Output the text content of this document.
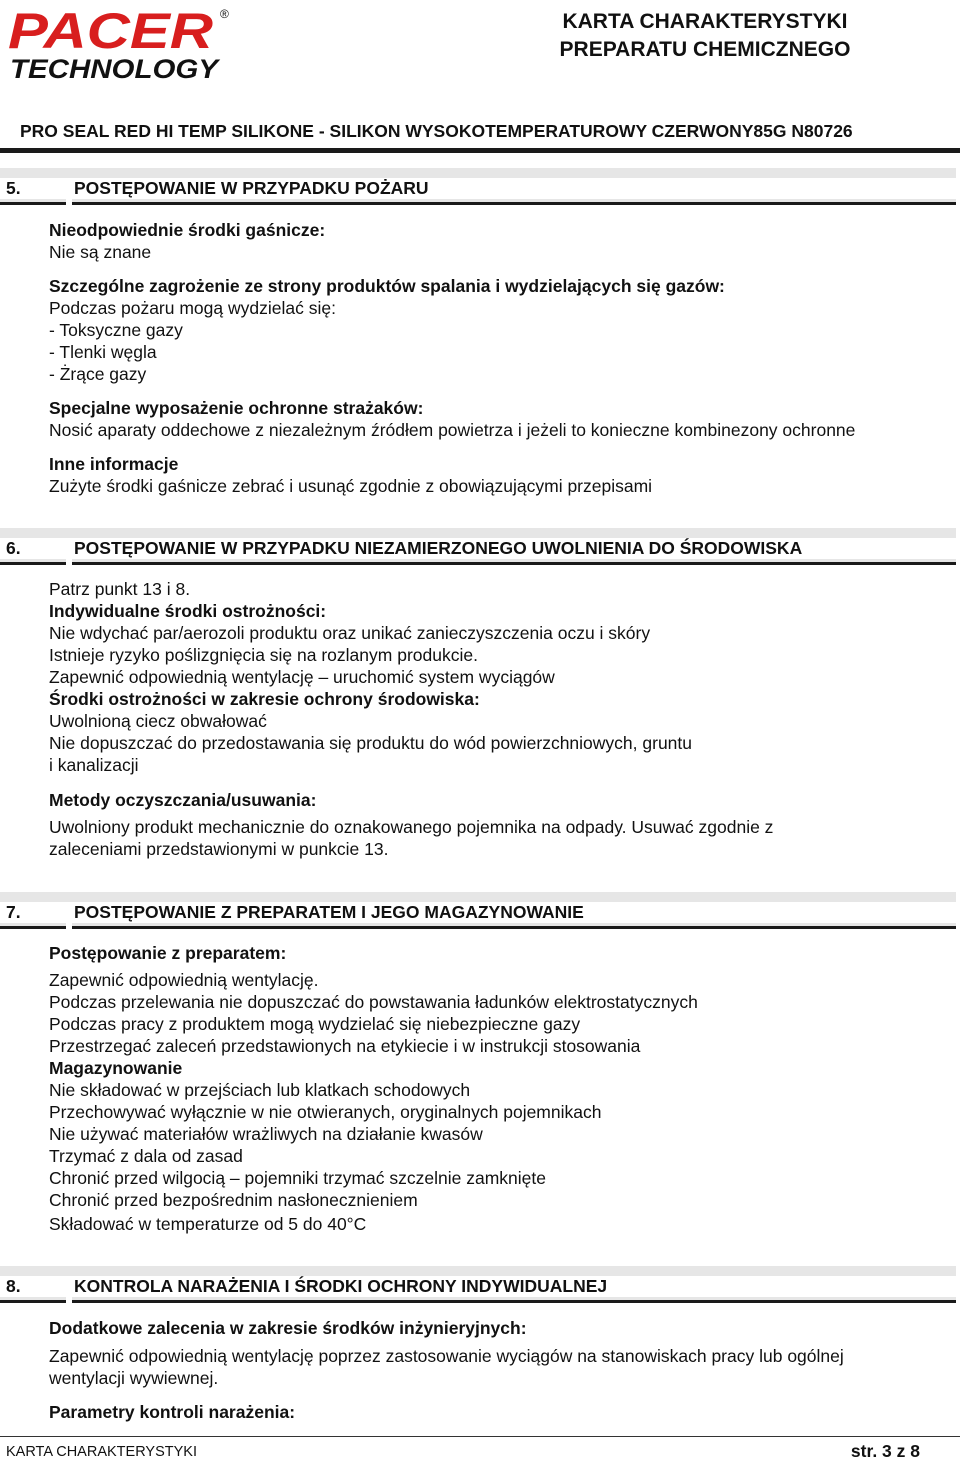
PACER ®
TECHNOLOGY
KARTA CHARAKTERYSTYKI
PREPARATU CHEMICZNEGO
PRO SEAL RED HI TEMP SILIKONE - SILIKON WYSOKOTEMPERATUROWY CZERWONY85G N80726
5.	POSTĘPOWANIE W PRZYPADKU POŻARU
Nieodpowiednie środki gaśnicze:
Nie są znane
Szczególne zagrożenie ze strony produktów spalania i wydzielających się gazów:
Podczas pożaru mogą wydzielać się:
- Toksyczne gazy
- Tlenki węgla
- Żrące gazy
Specjalne wyposażenie ochronne strażaków:
Nosić aparaty oddechowe z niezależnym źródłem powietrza i jeżeli to konieczne kombinezony ochronne
Inne informacje
Zużyte środki gaśnicze zebrać i usunąć zgodnie z obowiązującymi przepisami
6.	POSTĘPOWANIE W PRZYPADKU NIEZAMIERZONEGO UWOLNIENIA DO ŚRODOWISKA
Patrz punkt 13 i 8.
Indywidualne środki ostrożności:
Nie wdychać par/aerozoli produktu oraz unikać zanieczyszczenia oczu i skóry
Istnieje ryzyko poślizgnięcia się na rozlanym produkcie.
Zapewnić odpowiednią wentylację – uruchomić system wyciągów
Środki ostrożności w zakresie ochrony środowiska:
Uwolnioną ciecz obwałować
Nie dopuszczać do przedostawania się produktu do wód powierzchniowych, gruntu
i kanalizacji
Metody oczyszczania/usuwania:
Uwolniony produkt mechanicznie do oznakowanego pojemnika na odpady. Usuwać zgodnie z
zaleceniami przedstawionymi w punkcie 13.
7.	POSTĘPOWANIE Z PREPARATEM I JEGO MAGAZYNOWANIE
Postępowanie z preparatem:
Zapewnić odpowiednią wentylację.
Podczas przelewania nie dopuszczać do powstawania ładunków elektrostatycznych
Podczas pracy z produktem mogą wydzielać się niebezpieczne gazy
Przestrzegać zaleceń przedstawionych na etykiecie i w instrukcji stosowania
Magazynowanie
Nie składować w przejściach lub klatkach schodowych
Przechowywać wyłącznie w nie otwieranych, oryginalnych pojemnikach
Nie używać materiałów wrażliwych na działanie kwasów
Trzymać z dala od zasad
Chronić przed wilgocią – pojemniki trzymać szczelnie zamknięte
Chronić przed bezpośrednim nasłonecznieniem
Składować w temperaturze od 5 do 40°C
8.	KONTROLA NARAŻENIA I ŚRODKI OCHRONY INDYWIDUALNEJ
Dodatkowe zalecenia w zakresie środków inżynieryjnych:
Zapewnić odpowiednią wentylację poprzez zastosowanie wyciągów na stanowiskach pracy lub ogólnej
wentylacji wywiewnej.
Parametry kontroli narażenia:
KARTA CHARAKTERYSTYKI	str. 3 z 8
